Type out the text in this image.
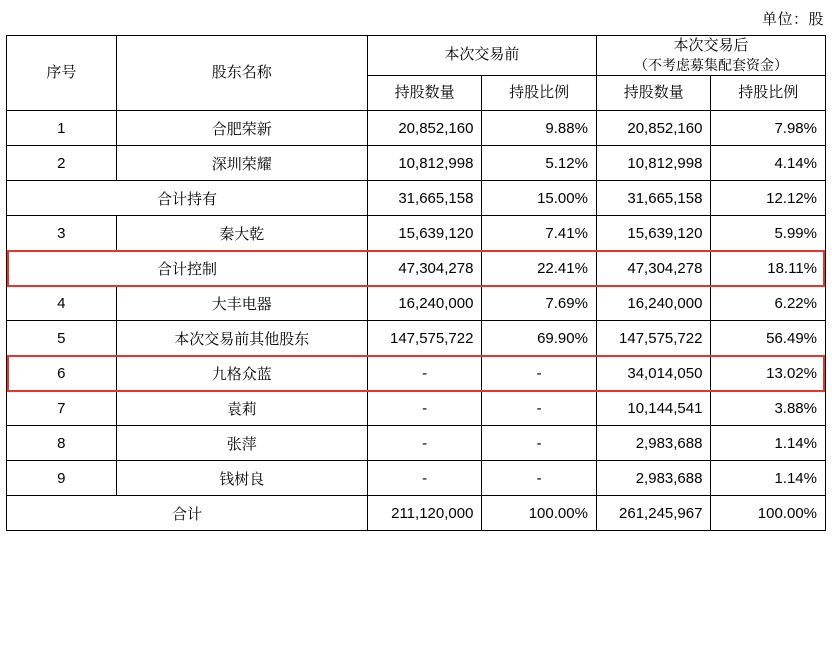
单位：股
序号	股东名称	本次交易前		本次交易后
（不考虑募集配套资金）	

		持股数量	持股比例	持股数量	持股比例
1	合肥荣新	20,852,160	9.88%	20,852,160	7.98%
2	深圳荣耀	10,812,998	5.12%	10,812,998	4.14%
合计持有		31,665,158	15.00%	31,665,158	12.12%
3	秦大乾	15,639,120	7.41%	15,639,120	5.99%
合计控制		47,304,278	22.41%	47,304,278	18.11%
4	大丰电器	16,240,000	7.69%	16,240,000	6.22%
5	本次交易前其他股东	147,575,722	69.90%	147,575,722	56.49%
6	九格众蓝	-	-	34,014,050	13.02%
7	袁莉	-	-	10,144,541	3.88%
8	张萍	-	-	2,983,688	1.14%
9	钱树良	-	-	2,983,688	1.14%
合计		211,120,000	100.00%	261,245,967	100.00%
